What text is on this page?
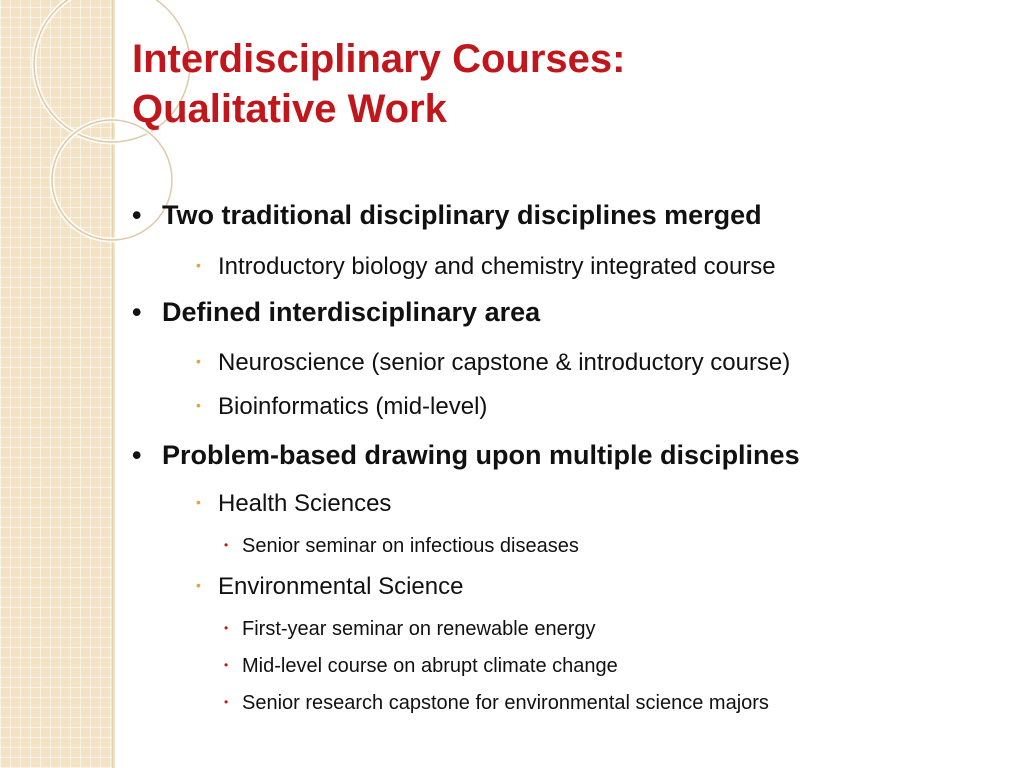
Interdisciplinary Courses:
Qualitative Work
• Two traditional disciplinary disciplines merged
• Introductory biology and chemistry integrated course
• Defined interdisciplinary area
• Neuroscience (senior capstone & introductory course)
• Bioinformatics (mid-level)
• Problem-based drawing upon multiple disciplines
• Health Sciences
• Senior seminar on infectious diseases
• Environmental Science
• First-year seminar on renewable energy
• Mid-level course on abrupt climate change
• Senior research capstone for environmental science majors
